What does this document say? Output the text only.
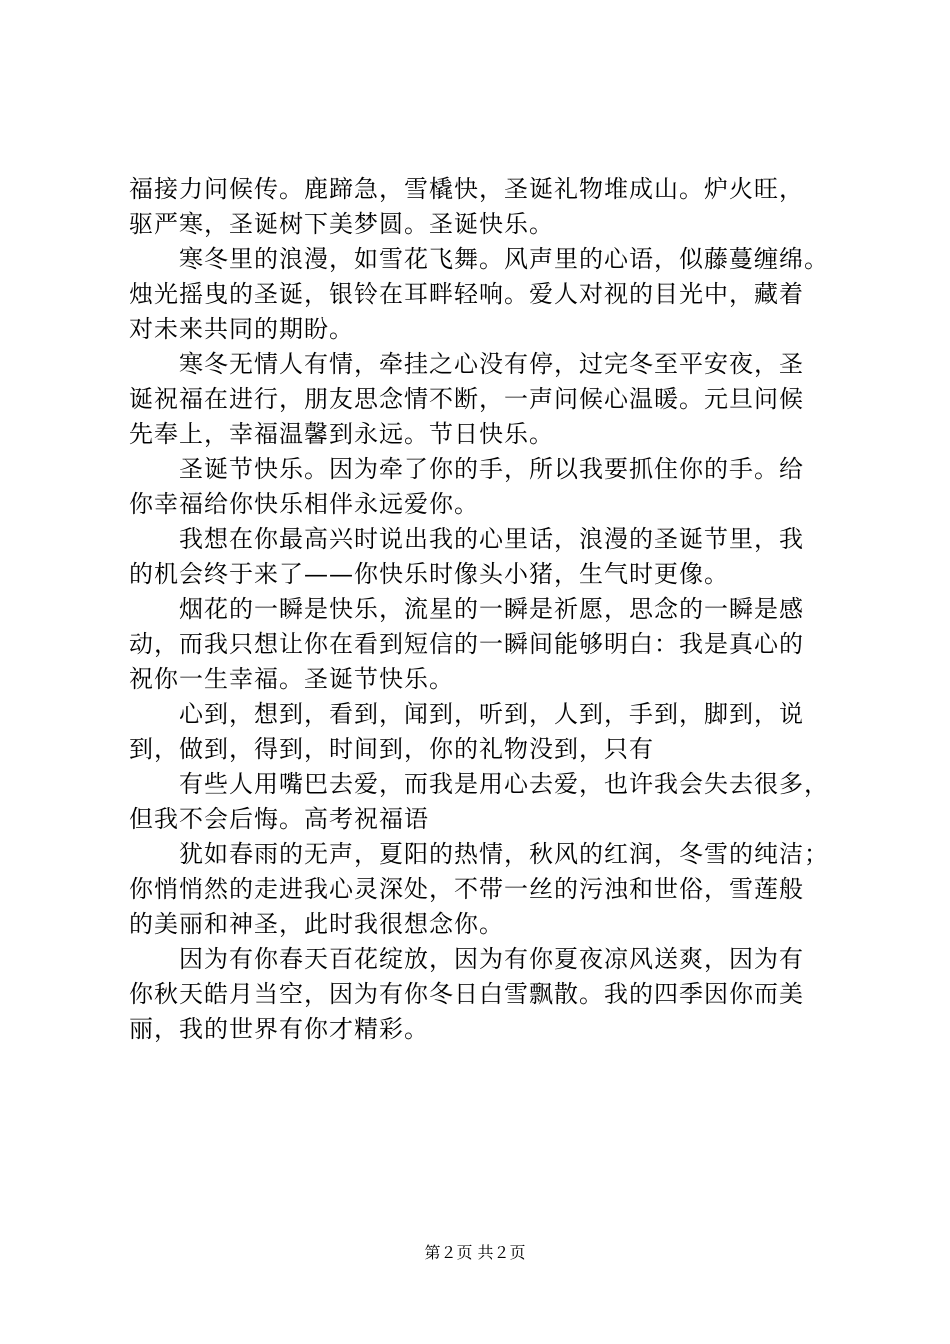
福接力问候传。鹿蹄急，雪橇快，圣诞礼物堆成山。炉火旺，
驱严寒，圣诞树下美梦圆。圣诞快乐。
　　寒冬里的浪漫，如雪花飞舞。风声里的心语，似藤蔓缠绵。
烛光摇曳的圣诞，银铃在耳畔轻响。爱人对视的目光中，藏着
对未来共同的期盼。
　　寒冬无情人有情，牵挂之心没有停，过完冬至平安夜，圣
诞祝福在进行，朋友思念情不断，一声问候心温暖。元旦问候
先奉上，幸福温馨到永远。节日快乐。
　　圣诞节快乐。因为牵了你的手，所以我要抓住你的手。给
你幸福给你快乐相伴永远爱你。
　　我想在你最高兴时说出我的心里话，浪漫的圣诞节里，我
的机会终于来了——你快乐时像头小猪，生气时更像。
　　烟花的一瞬是快乐，流星的一瞬是祈愿，思念的一瞬是感
动，而我只想让你在看到短信的一瞬间能够明白：我是真心的
祝你一生幸福。圣诞节快乐。
　　心到，想到，看到，闻到，听到，人到，手到，脚到，说
到，做到，得到，时间到，你的礼物没到，只有
　　有些人用嘴巴去爱，而我是用心去爱，也许我会失去很多，
但我不会后悔。高考祝福语
　　犹如春雨的无声，夏阳的热情，秋风的红润，冬雪的纯洁；
你悄悄然的走进我心灵深处，不带一丝的污浊和世俗，雪莲般
的美丽和神圣，此时我很想念你。
　　因为有你春天百花绽放，因为有你夏夜凉风送爽，因为有
你秋天皓月当空，因为有你冬日白雪飘散。我的四季因你而美
丽，我的世界有你才精彩。
第２页 共２页
